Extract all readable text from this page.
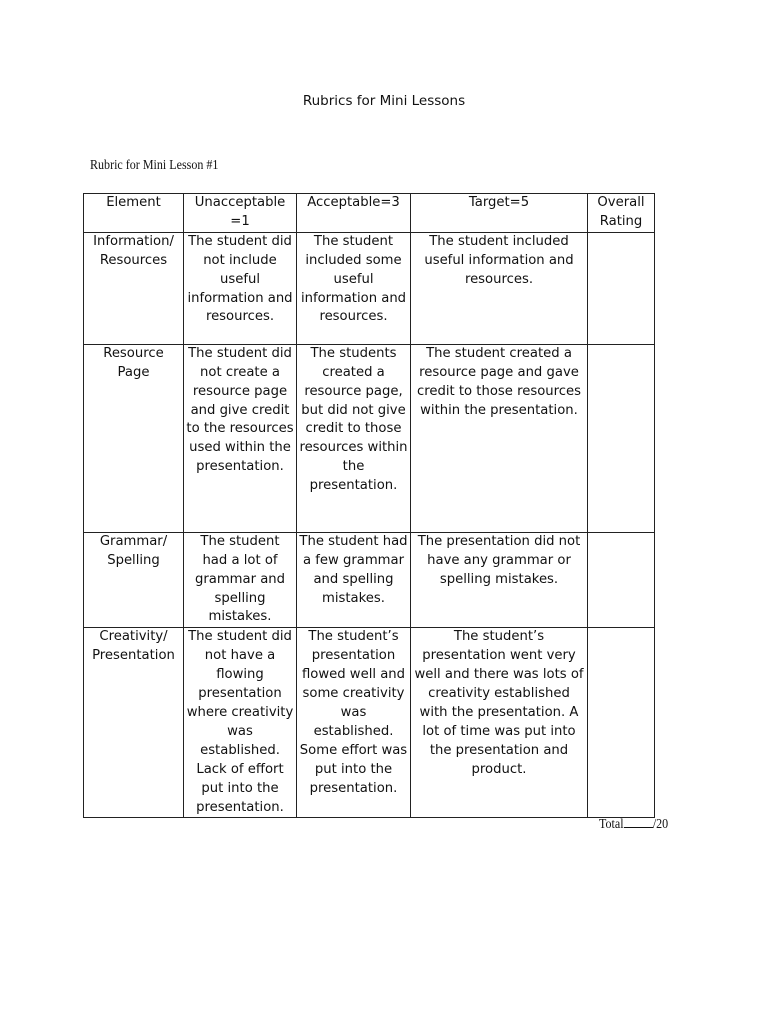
Rubrics for Mini Lessons
Rubric for Mini Lesson #1
Element	Unacceptable =1	Acceptable=3	Target=5	Overall Rating
Information/ Resources	The student did not include useful information and resources.	The student included some useful information and resources.	The student included useful information and resources.	
Resource Page	The student did not create a resource page and give credit to the resources used within the presentation.	The students created a resource page, but did not give credit to those resources within the presentation.	The student created a resource page and gave credit to those resources within the presentation.	
Grammar/ Spelling	The student had a lot of grammar and spelling mistakes.	The student had a few grammar and spelling mistakes.	The presentation did not have any grammar or spelling mistakes.	
Creativity/ Presentation	The student did not have a flowing presentation where creativity was established. Lack of effort put into the presentation.	The student’s presentation flowed well and some creativity was established. Some effort was put into the presentation.	The student’s presentation went very well and there was lots of creativity established with the presentation. A lot of time was put into the presentation and product.	
Total /20
